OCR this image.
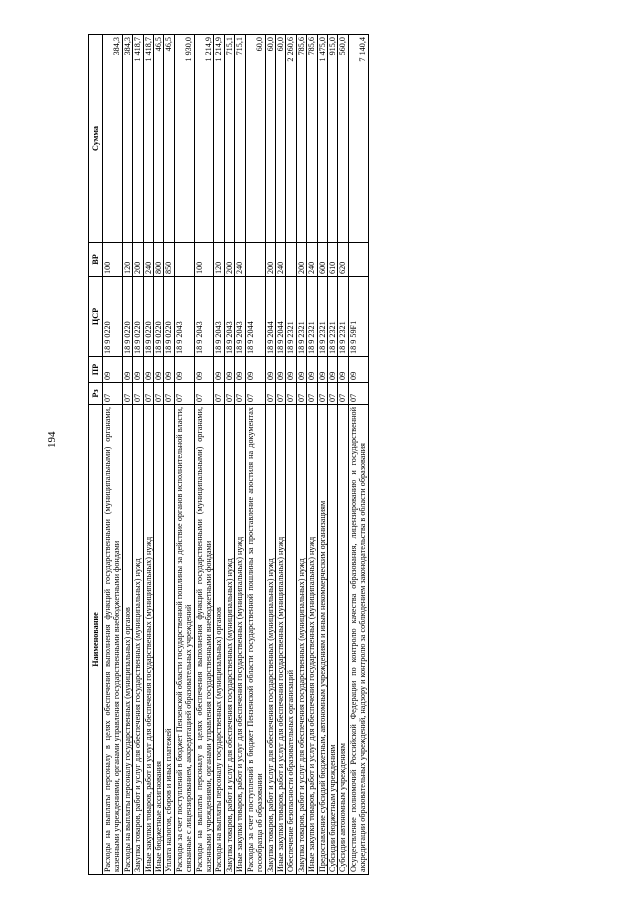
194
Наименование	Рз	ПР	ЦСР	ВР	Сумма
Расходы на выплаты персоналу в целях обеспечения выполнения функций государственными (муниципальными) органами, казенными учреждениями, органами управления государственными внебюджетными фондами	07	09	18 9 0220	100	384,3
Расходы на выплаты персоналу государственных (муниципальных) органов	07	09	18 9 0220	120	384,3
Закупка товаров, работ и услуг для обеспечения государственных (муниципальных) нужд	07	09	18 9 0220	200	1 418,7
Иные закупки товаров, работ и услуг для обеспечения государственных (муниципальных) нужд	07	09	18 9 0220	240	1 418,7
Иные бюджетные ассигнования	07	09	18 9 0220	800	46,5
Уплата налогов, сборов и иных платежей	07	09	18 9 0220	850	46,5
Расходы за счет поступлений в бюджет Пензенской области государственной пошлины за действие органов исполнительной власти, связанные с лицензированием, аккредитацией образовательных учреждений	07	09	18 9 2043		1 930,0
Расходы на выплаты персоналу в целях обеспечения выполнения функций государственными (муниципальными) органами, казенными учреждениями, органами управления государственными внебюджетными фондами	07	09	18 9 2043	100	1 214,9
Расходы на выплаты персоналу государственных (муниципальных) органов	07	09	18 9 2043	120	1 214,9
Закупка товаров, работ и услуг для обеспечения государственных (муниципальных) нужд	07	09	18 9 2043	200	715,1
Иные закупки товаров, работ и услуг для обеспечения государственных (муниципальных) нужд	07	09	18 9 2043	240	715,1
Расходы за счет поступлений в бюджет Пензенской области государственной пошлины за проставление апостиля на документах госообразца об образовании	07	09	18 9 2044		60,0
Закупка товаров, работ и услуг для обеспечения государственных (муниципальных) нужд	07	09	18 9 2044	200	60,0
Иные закупки товаров, работ и услуг для обеспечения государственных (муниципальных) нужд	07	09	18 9 2044	240	60,0
Обеспечение безопасности образовательных организаций	07	09	18 9 2321		2 260,6
Закупка товаров, работ и услуг для обеспечения государственных (муниципальных) нужд	07	09	18 9 2321	200	785,6
Иные закупки товаров, работ и услуг для обеспечения государственных (муниципальных) нужд	07	09	18 9 2321	240	785,6
Предоставление субсидий бюджетным, автономным учреждениям и иным некоммерческим организациям	07	09	18 9 2321	600	1 475,0
Субсидии бюджетным учреждениям	07	09	18 9 2321	610	915,0
Субсидии автономным учреждениям	07	09	18 9 2321	620	560,0
Осуществление полномочий Российской Федерации по контролю качества образования, лицензированию и государственной аккредитации образовательных учреждений, надзору и контролю за соблюдением законодательства в области образования	07	09	18 9 59F1		7 140,4
